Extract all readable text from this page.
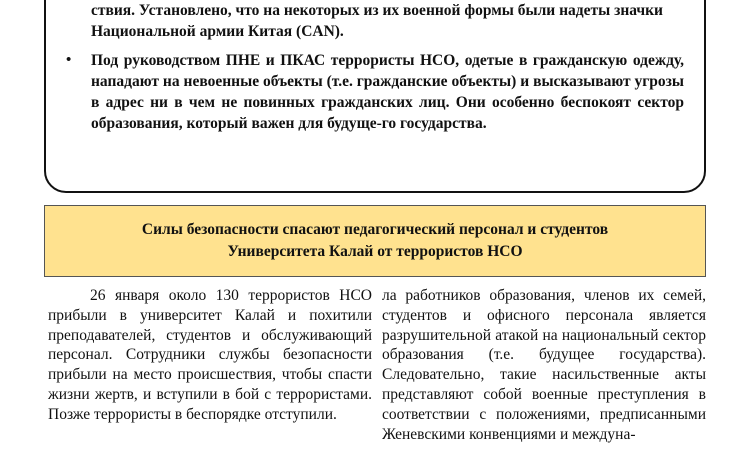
ствия. Установлено, что на некоторых из их военной формы были надеты значки Национальной армии Китая (CAN).
• Под руководством ПНЕ и ПКАС террористы НСО, одетые в гражданскую одежду, нападают на невоенные объекты (т.е. гражданские объекты) и высказывают угрозы в адрес ни в чем не повинных гражданских лиц. Они особенно беспокоят сектор образования, который важен для будуще-го государства.
Силы безопасности спасают педагогический персонал и студентов
Университета Калай от террористов НСО

26 января около 130 террористов НСО прибыли в университет Калай и похитили преподавателей, студентов и обслуживающий персонал. Сотрудники службы безопасности прибыли на место происшествия, чтобы спасти жизни жертв, и вступили в бой с террористами. Позже террористы в беспорядке отступили.

ла работников образования, членов их семей, студентов и офисного персонала является разрушительной атакой на национальный сектор образования (т.е. будущее государства). Следовательно, такие насильственные акты представляют собой военные преступления в соответствии с положениями, предписанными Женевскими конвенциями и междуна-
